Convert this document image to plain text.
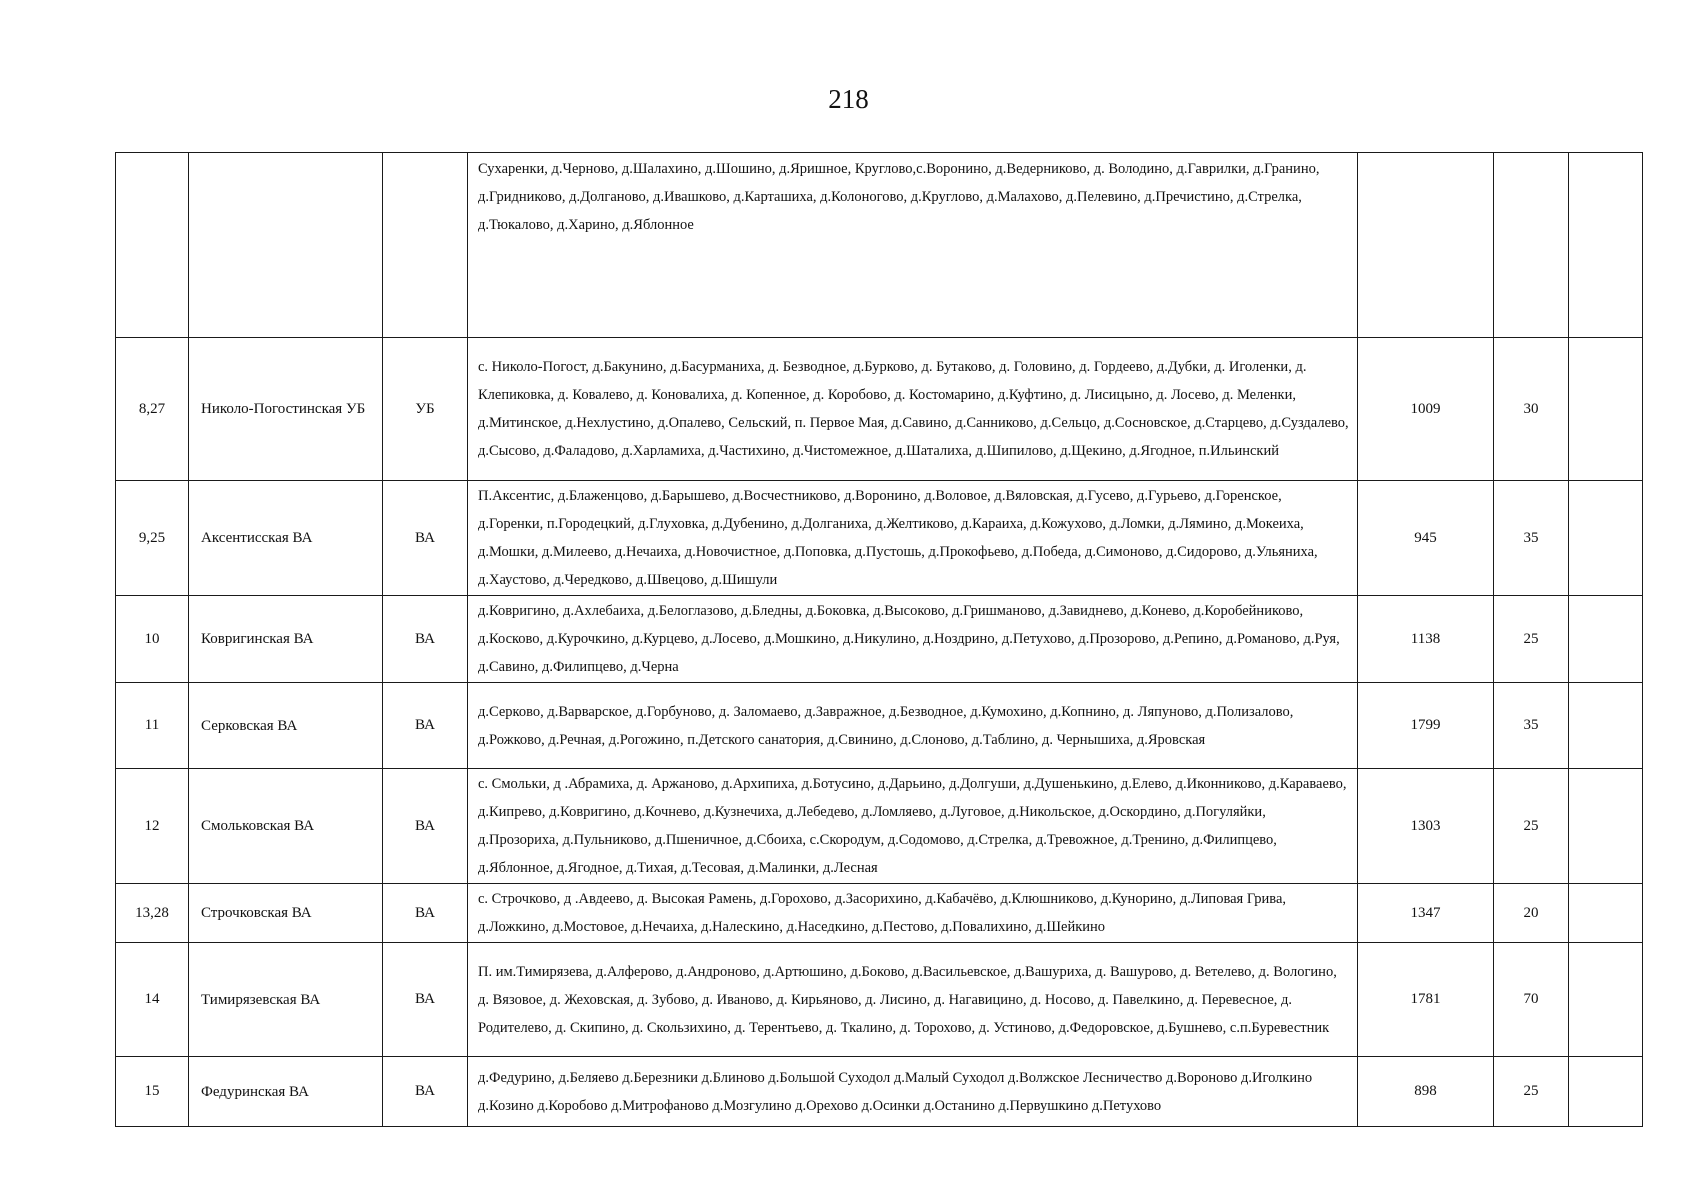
218
			Сухаренки, д.Черново, д.Шалахино, д.Шошино, д.Яришное, Круглово,с.Воронино, д.Ведерниково, д. Володино, д.Гаврилки, д.Гранино, д.Гридниково, д.Долганово, д.Ивашково, д.Карташиха, д.Колоногово, д.Круглово, д.Малахово, д.Пелевино, д.Пречистино, д.Стрелка, д.Тюкалово, д.Харино, д.Яблонное			
8,27	Николо-Погостинская УБ	УБ	с. Николо-Погост, д.Бакунино, д.Басурманиха, д. Безводное, д.Бурково, д. Бутаково, д. Головино, д. Гордеево, д.Дубки, д. Иголенки, д. Клепиковка, д. Ковалево, д. Коновалиха, д. Копенное, д. Коробово, д. Костомарино, д.Куфтино, д. Лисицыно, д. Лосево, д. Меленки, д.Митинское, д.Нехлустино, д.Опалево, Сельский, п. Первое Мая, д.Савино, д.Санниково, д.Сельцо, д.Сосновское, д.Старцево, д.Суздалево, д.Сысово, д.Фаладово, д.Харламиха, д.Частихино, д.Чистомежное, д.Шаталиха, д.Шипилово, д.Щекино, д.Ягодное, п.Ильинский	1009	30	
9,25	Аксентисская ВА	ВА	П.Аксентис, д.Блаженцово, д.Барышево, д.Восчестниково, д.Воронино, д.Воловое, д.Вяловская, д.Гусево, д.Гурьево, д.Горенское, д.Горенки, п.Городецкий, д.Глуховка, д.Дубенино, д.Долганиха, д.Желтиково, д.Караиха, д.Кожухово, д.Ломки, д.Лямино, д.Мокеиха, д.Мошки, д.Милеево, д.Нечаиха, д.Новочистное, д.Поповка, д.Пустошь, д.Прокофьево, д.Победа, д.Симоново, д.Сидорово, д.Ульяниха, д.Хаустово, д.Чередково, д.Швецово, д.Шишули	945	35	
10	Ковригинская ВА	ВА	д.Ковригино, д.Ахлебаиха, д.Белоглазово, д.Бледны, д.Боковка, д.Высоково, д.Гришманово, д.Завиднево, д.Конево, д.Коробейниково, д.Косково, д.Курочкино, д.Курцево, д.Лосево, д.Мошкино, д.Никулино, д.Ноздрино, д.Петухово, д.Прозорово, д.Репино, д.Романово, д.Руя, д.Савино, д.Филипцево, д.Черна	1138	25	
11	Серковская ВА	ВА	д.Серково, д.Варварское, д.Горбуново, д. Заломаево, д.Завражное, д.Безводное, д.Кумохино, д.Копнино, д. Ляпуново, д.Полизалово, д.Рожково, д.Речная, д.Рогожино, п.Детского санатория, д.Свинино, д.Слоново, д.Таблино, д. Чернышиха, д.Яровская	1799	35	
12	Смольковская ВА	ВА	с. Смольки, д .Абрамиха, д. Аржаново, д.Архипиха, д.Ботусино, д.Дарьино, д.Долгуши, д.Душенькино, д.Елево, д.Иконниково, д.Караваево, д.Кипрево, д.Ковригино, д.Кочнево, д.Кузнечиха, д.Лебедево, д.Ломляево, д.Луговое, д.Никольское, д.Оскордино, д.Погуляйки, д.Прозориха, д.Пульниково, д.Пшеничное, д.Сбоиха, с.Скородум, д.Содомово, д.Стрелка, д.Тревожное, д.Тренино, д.Филипцево, д.Яблонное, д.Ягодное, д.Тихая, д.Тесовая, д.Малинки, д.Лесная	1303	25	
13,28	Строчковская ВА	ВА	с. Строчково, д .Авдеево, д. Высокая Рамень, д.Горохово, д.Засорихино, д.Кабачёво, д.Клюшниково, д.Кунорино, д.Липовая Грива, д.Ложкино, д.Мостовое, д.Нечаиха, д.Налескино, д.Наседкино, д.Пестово, д.Повалихино, д.Шейкино	1347	20	
14	Тимирязевская ВА	ВА	П. им.Тимирязева, д.Алферово, д.Андроново, д.Артюшино, д.Боково, д.Васильевское, д.Вашуриха, д. Вашурово, д. Ветелево, д. Вологино, д. Вязовое, д. Жеховская, д. Зубово, д. Иваново, д. Кирьяново, д. Лисино, д. Нагавицино, д. Носово, д. Павелкино, д. Перевесное, д. Родителево, д. Скипино, д. Скользихино, д. Терентьево, д. Ткалино, д. Торохово, д. Устиново, д.Федоровское, д.Бушнево, с.п.Буревестник	1781	70	
15	Федуринская ВА	ВА	д.Федурино, д.Беляево д.Березники д.Блиново д.Большой Суходол д.Малый Суходол д.Волжское Лесничество д.Вороново д.Иголкино д.Козино д.Коробово д.Митрофаново д.Мозгулино д.Орехово д.Осинки д.Останино д.Первушкино д.Петухово	898	25	
